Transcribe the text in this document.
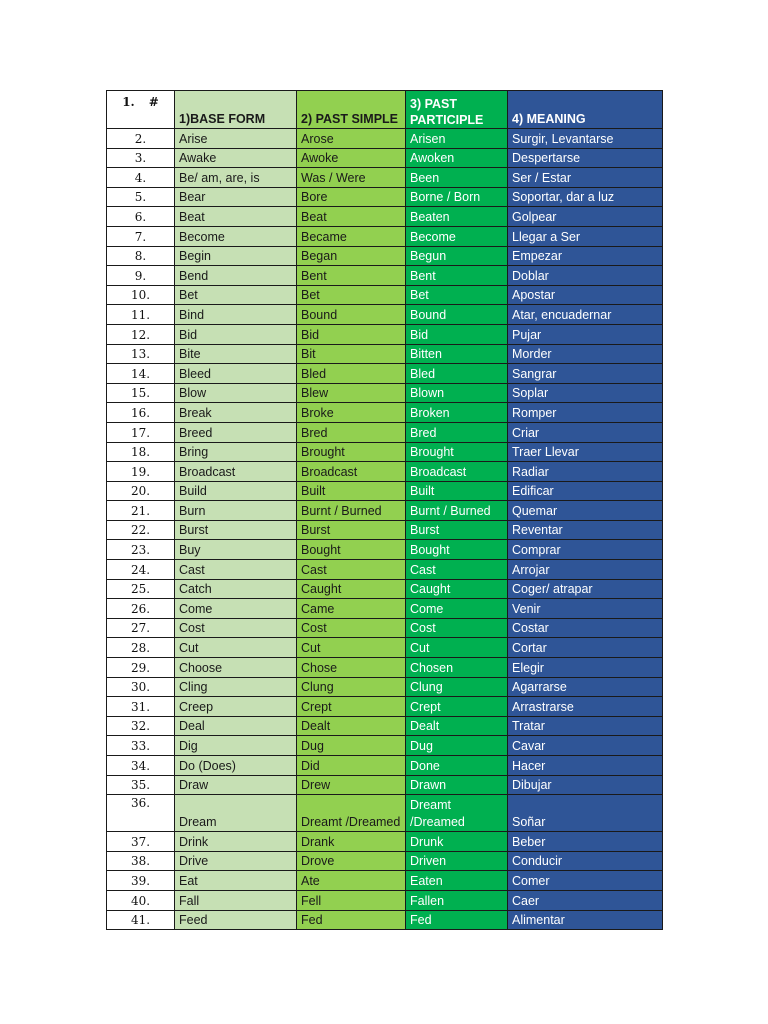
1. #	1)BASE FORM	2) PAST SIMPLE	3) PAST PARTICIPLE	4) MEANING
2.	Arise	Arose	Arisen	Surgir, Levantarse
3.	Awake	Awoke	Awoken	Despertarse
4.	Be/ am, are, is	Was / Were	Been	Ser / Estar
5.	Bear	Bore	Borne / Born	Soportar, dar a luz
6.	Beat	Beat	Beaten	Golpear
7.	Become	Became	Become	Llegar a Ser
8.	Begin	Began	Begun	Empezar
9.	Bend	Bent	Bent	Doblar
10.	Bet	Bet	Bet	Apostar
11.	Bind	Bound	Bound	Atar, encuadernar
12.	Bid	Bid	Bid	Pujar
13.	Bite	Bit	Bitten	Morder
14.	Bleed	Bled	Bled	Sangrar
15.	Blow	Blew	Blown	Soplar
16.	Break	Broke	Broken	Romper
17.	Breed	Bred	Bred	Criar
18.	Bring	Brought	Brought	Traer Llevar
19.	Broadcast	Broadcast	Broadcast	Radiar
20.	Build	Built	Built	Edificar
21.	Burn	Burnt / Burned	Burnt / Burned	Quemar
22.	Burst	Burst	Burst	Reventar
23.	Buy	Bought	Bought	Comprar
24.	Cast	Cast	Cast	Arrojar
25.	Catch	Caught	Caught	Coger/ atrapar
26.	Come	Came	Come	Venir
27.	Cost	Cost	Cost	Costar
28.	Cut	Cut	Cut	Cortar
29.	Choose	Chose	Chosen	Elegir
30.	Cling	Clung	Clung	Agarrarse
31.	Creep	Crept	Crept	Arrastrarse
32.	Deal	Dealt	Dealt	Tratar
33.	Dig	Dug	Dug	Cavar
34.	Do (Does)	Did	Done	Hacer
35.	Draw	Drew	Drawn	Dibujar
36.	Dream	Dreamt /Dreamed	Dreamt /Dreamed	Soñar
37.	Drink	Drank	Drunk	Beber
38.	Drive	Drove	Driven	Conducir
39.	Eat	Ate	Eaten	Comer
40.	Fall	Fell	Fallen	Caer
41.	Feed	Fed	Fed	Alimentar
